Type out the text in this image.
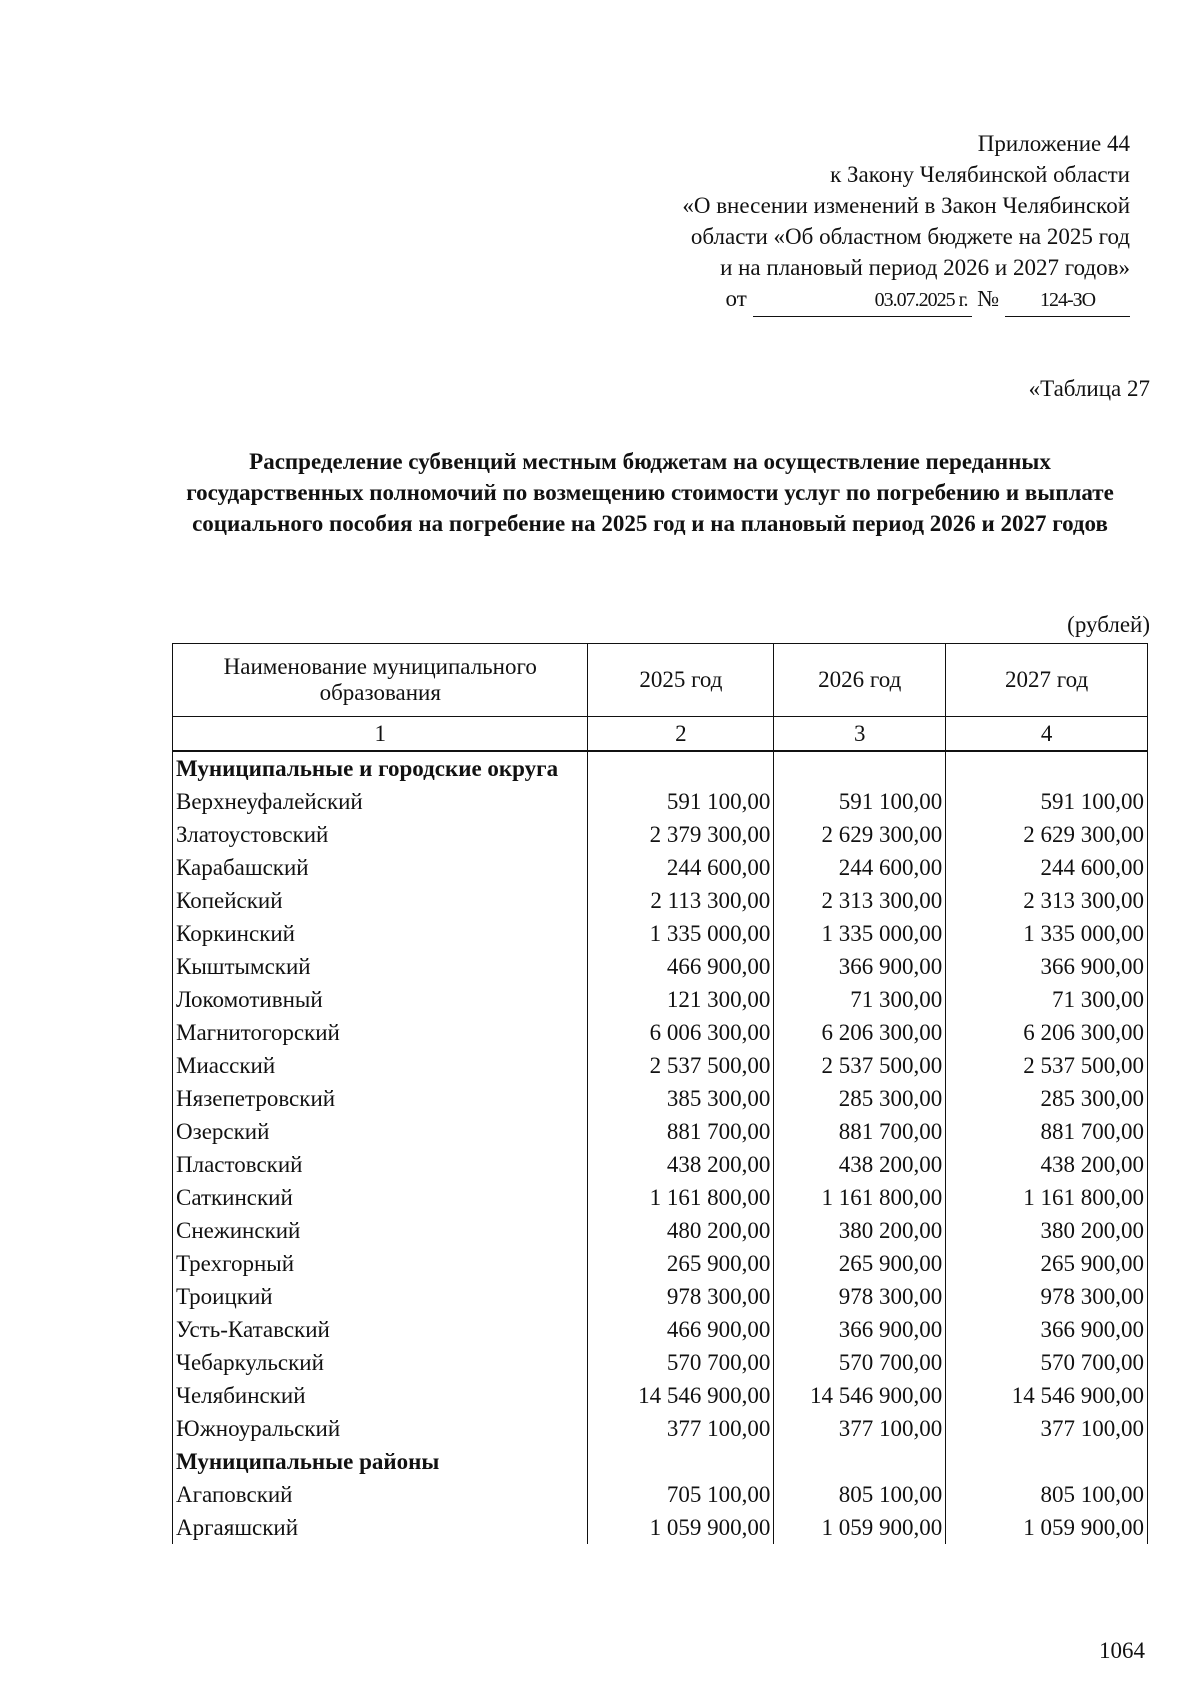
Приложение 44
к Закону Челябинской области
«О внесении изменений в Закон Челябинской
области «Об областном бюджете на 2025 год
и на плановый период 2026 и 2027 годов»
от	03.07.2025 г. № 124-ЗО
«Таблица 27
Распределение субвенций местным бюджетам на осуществление переданных государственных полномочий по возмещению стоимости услуг по погребению и выплате социального пособия на погребение на 2025 год и на плановый период 2026 и 2027 годов
(рублей)
Наименование муниципального образования	2025 год	2026 год	2027 год
1	2	3	4
Муниципальные и городские округа			
Верхнеуфалейский	591 100,00	591 100,00	591 100,00
Златоустовский	2 379 300,00	2 629 300,00	2 629 300,00
Карабашский	244 600,00	244 600,00	244 600,00
Копейский	2 113 300,00	2 313 300,00	2 313 300,00
Коркинский	1 335 000,00	1 335 000,00	1 335 000,00
Кыштымский	466 900,00	366 900,00	366 900,00
Локомотивный	121 300,00	71 300,00	71 300,00
Магнитогорский	6 006 300,00	6 206 300,00	6 206 300,00
Миасский	2 537 500,00	2 537 500,00	2 537 500,00
Нязепетровский	385 300,00	285 300,00	285 300,00
Озерский	881 700,00	881 700,00	881 700,00
Пластовский	438 200,00	438 200,00	438 200,00
Саткинский	1 161 800,00	1 161 800,00	1 161 800,00
Снежинский	480 200,00	380 200,00	380 200,00
Трехгорный	265 900,00	265 900,00	265 900,00
Троицкий	978 300,00	978 300,00	978 300,00
Усть-Катавский	466 900,00	366 900,00	366 900,00
Чебаркульский	570 700,00	570 700,00	570 700,00
Челябинский	14 546 900,00	14 546 900,00	14 546 900,00
Южноуральский	377 100,00	377 100,00	377 100,00
Муниципальные районы			
Агаповский	705 100,00	805 100,00	805 100,00
Аргаяшский	1 059 900,00	1 059 900,00	1 059 900,00
1064
